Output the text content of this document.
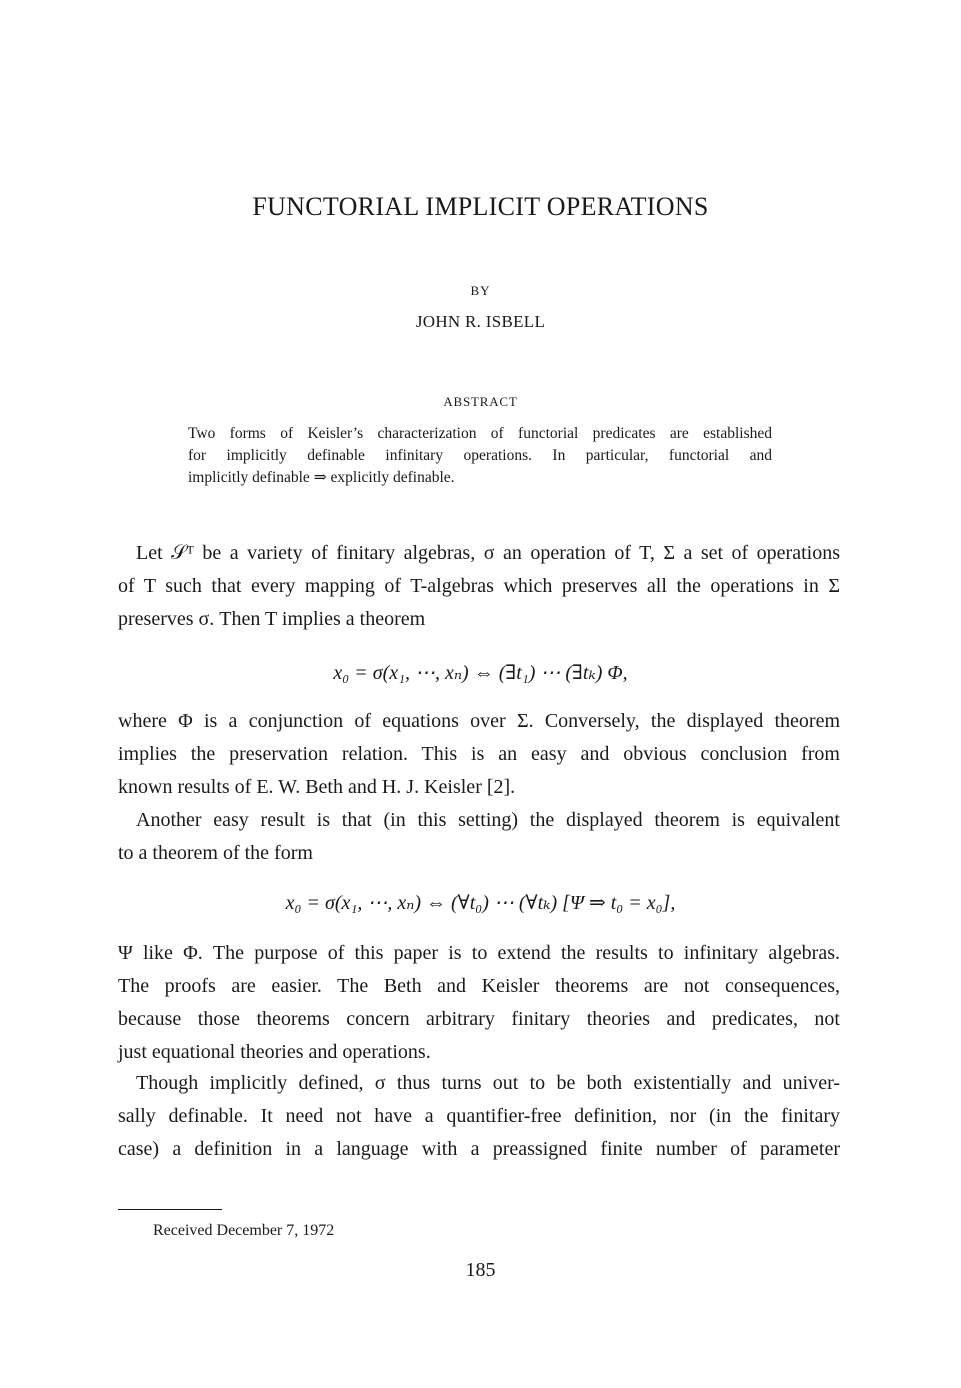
FUNCTORIAL IMPLICIT OPERATIONS
BY
JOHN R. ISBELL
ABSTRACT
Two forms of Keisler’s characterization of functorial predicates are established
for implicitly definable infinitary operations. In particular, functorial and
implicitly definable ⇒ explicitly definable.
Let 𝒮ᵀ be a variety of finitary algebras, σ an operation of T, Σ a set of operations
of T such that every mapping of T-algebras which preserves all the operations in Σ
preserves σ. Then T implies a theorem
x₀ = σ(x₁, ⋯, xₙ) ⇔ (∃t₁) ⋯ (∃tₖ) Φ,
where Φ is a conjunction of equations over Σ. Conversely, the displayed theorem
implies the preservation relation. This is an easy and obvious conclusion from
known results of E. W. Beth and H. J. Keisler [2].
Another easy result is that (in this setting) the displayed theorem is equivalent
to a theorem of the form
x₀ = σ(x₁, ⋯, xₙ) ⇔ (∀t₀) ⋯ (∀tₖ) [Ψ ⇒ t₀ = x₀],
Ψ like Φ. The purpose of this paper is to extend the results to infinitary algebras.
The proofs are easier. The Beth and Keisler theorems are not consequences,
because those theorems concern arbitrary finitary theories and predicates, not
just equational theories and operations.
Though implicitly defined, σ thus turns out to be both existentially and univer-
sally definable. It need not have a quantifier-free definition, nor (in the finitary
case) a definition in a language with a preassigned finite number of parameter
Received December 7, 1972
185
